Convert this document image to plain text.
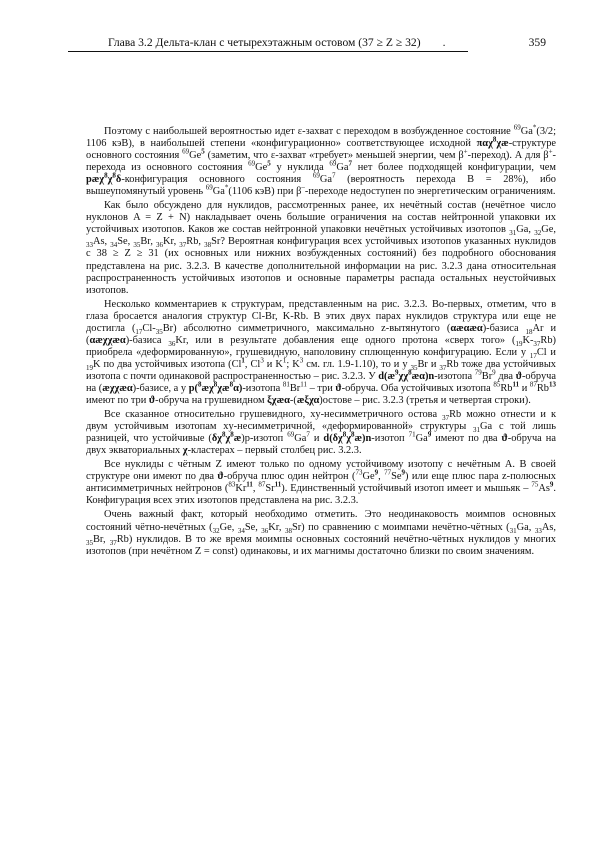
Глава 3.2 Дельта-клан с четырехэтажным остовом (37 ≥ Z ≥ 32) .	359

Поэтому с наибольшей вероятностью идет ε-захват с переходом в возбужденное состояние $^{69}$Ga*(3/2; 1106 кэВ), в наибольшей степени «конфигурационно» соответствующее исходной παχ$^8$χæ-структуре основного состояния $^{69}$Ge$^5$ (заметим, что ε-захват «требует» меньшей энергии, чем β+-переход). А для β+-перехода из основного состояния $^{69}$Ge$^5$ у нуклида $^{69}$Ga$^7$ нет более подходящей конфигурации, чем $pæ\chi^8\chi^8\delta$-конфигурация основного состояния $^{69}$Ga$^7$ (вероятность перехода B = 28%), ибо вышеупомянутый уровень $^{69}$Ga*(1106 кэВ) при β–-переходе недоступен по энергетическим ограничениям.

Как было обсуждено для нуклидов, рассмотренных ранее, их нечётный состав (нечётное число нуклонов A = Z + N) накладывает очень большие ограничения на состав нейтронной упаковки их устойчивых изотопов. Каков же состав нейтронной упаковки нечётных устойчивых изотопов $_{31}$Ga, $_{32}$Ge, $_{33}$As, $_{34}$Se, $_{35}$Br, $_{36}$Kr, $_{37}$Rb, $_{38}$Sr? Вероятная конфигурация всех устойчивых изотопов указанных нуклидов с 38 ≥ Z ≥ 31 (их основных или нижних возбужденных состояний) без подробного обоснования представлена на рис. 3.2.3. В качестве дополнительной информации на рис. 3.2.3 дана относительная распространенность устойчивых изотопов и основные параметры распада остальных неустойчивых изотопов.

Несколько комментариев к структурам, представленным на рис. 3.2.3. Во-первых, отметим, что в глаза бросается аналогия структур Cl-Br, K-Rb. В этих двух парах нуклидов структура или еще не достигла $(_{17}Cl-_{35}Br)$ абсолютно симметричного, максимально z-вытянутого (αæαæα)-базиса $_{18}$Ar и (αæχχæα)-базиса $_{36}$Kr, или в результате добавления еще одного протона «сверх того» $(_{19}K-_{37}Rb)$ приобрела «деформированную», грушевидную, наполовину сплющенную конфигурацию. Если у $_{17}$Cl и $_{19}$K по два устойчивых изотопа (Cl$^1$, Cl$^3$ и $K^1$; $K^3$ см. гл. 1.9-1.10), то и у $_{35}$Br и $_{37}$Rb тоже два устойчивых изотопа с почти одинаковой распространенностью – рис. 3.2.3. У $d(æ^9\chi\chi^8æ\alpha)n$-изотопа $^{79}$Br$^9$ два ϑ-обруча на (æχχæα)-базисе, а у $p(^8æ\chi^8\chi æ^8\alpha)$-изотопа $^{81}$Br$^{11}$ – три ϑ-обруча. Оба устойчивых изотопа $^{85}$Rb$^{11}$ и $^{87}$Rb$^{13}$ имеют по три ϑ-обруча на грушевидном ξχæα-(æξχα)остове – рис. 3.2.3 (третья и четвертая строки).

Все сказанное относительно грушевидного, xy-несимметричного остова $_{37}$Rb можно отнести и к двум устойчивым изотопам xy-несимметричной, «деформированной» структуры $_{31}$Ga с той лишь разницей, что устойчивые $(\delta\chi^8\chi^8æ)p$-изотоп $^{69}$Ga$^7$ и $d(\delta\chi^8\chi^8æ)n$-изотоп $^{71}$Ga$^9$ имеют по два ϑ-обруча на двух экваториальных χ-кластерах – первый столбец рис. 3.2.3.

Все нуклиды с чётным Z имеют только по одному устойчивому изотопу с нечётным A. В своей структуре они имеют по два ϑ-обруча плюс один нейтрон ($^{73}$Ge$^9$, $^{77}$Se$^9$) или еще плюс пара z-полюсных антисимметричных нейтронов ($^{83}$Kr$^{11}$, $^{87}$Sr$^{11}$). Единственный устойчивый изотоп имеет и мышьяк – $^{75}$As$^9$. Конфигурация всех этих изотопов представлена на рис. 3.2.3.

Очень важный факт, который необходимо отметить. Это неодинаковость моимпов основных состояний чётно-нечётных ($_{32}Ge$, $_{34}$Se, $_{36}$Kr, $_{38}$Sr) по сравнению с моимпами нечётно-чётных ($_{31}Ga$, $_{33}$As, $_{35}$Br, $_{37}$Rb) нуклидов. В то же время моимпы основных состояний нечётно-чётных нуклидов у многих изотопов (при нечётном Z = const) одинаковы, и их магнимы достаточно близки по своим значениям.
